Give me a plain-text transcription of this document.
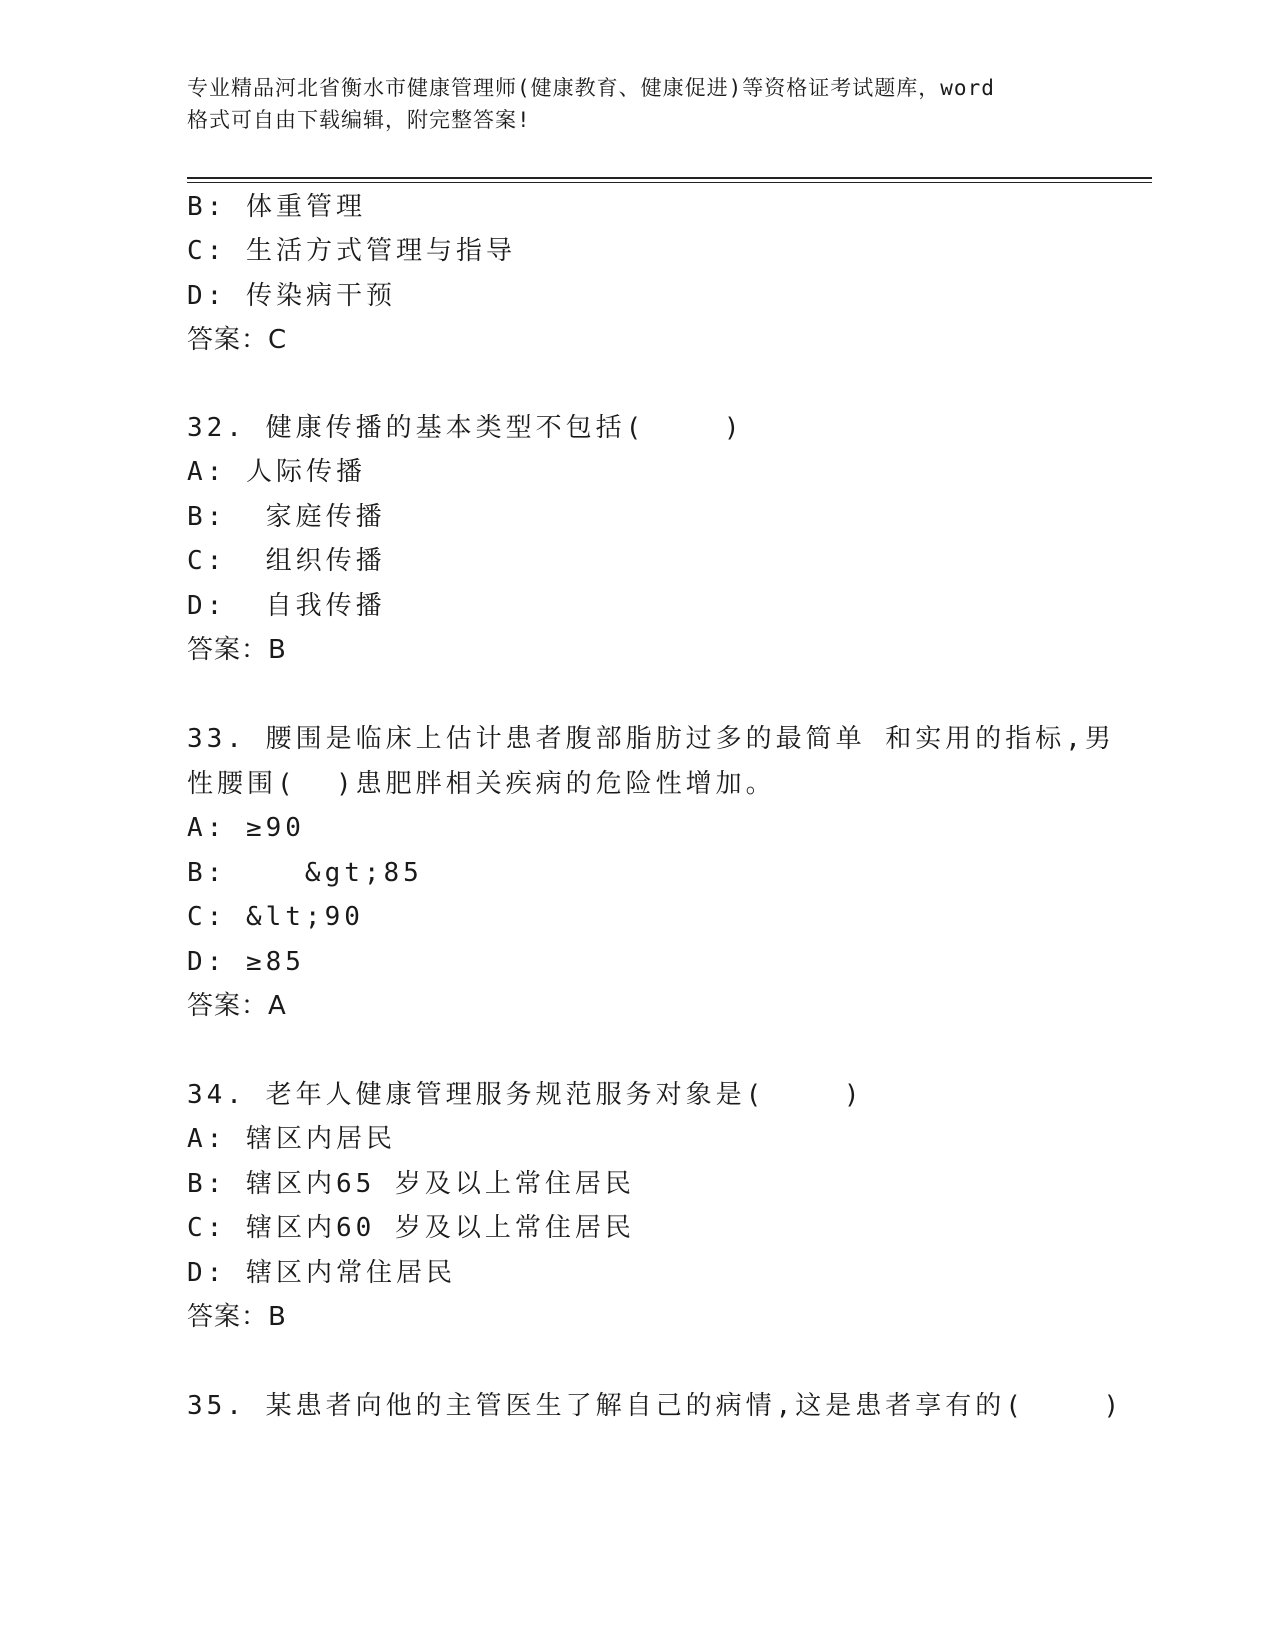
专业精品河北省衡水市健康管理师(健康教育、健康促进)等资格证考试题库，word
格式可自由下载编辑，附完整答案!
B: 体重管理
C: 生活方式管理与指导
D: 传染病干预
答案：C
32. 健康传播的基本类型不包括(    )
A: 人际传播
B:  家庭传播
C:  组织传播
D:  自我传播
答案：B
33. 腰围是临床上估计患者腹部脂肪过多的最简单 和实用的指标,男
性腰围(  )患肥胖相关疾病的危险性增加。
A: ≥90
B:    &gt;85
C: &lt;90
D: ≥85
答案：A
34. 老年人健康管理服务规范服务对象是(    )
A: 辖区内居民
B: 辖区内65 岁及以上常住居民
C: 辖区内60 岁及以上常住居民
D: 辖区内常住居民
答案：B
35. 某患者向他的主管医生了解自己的病情,这是患者享有的(    )
